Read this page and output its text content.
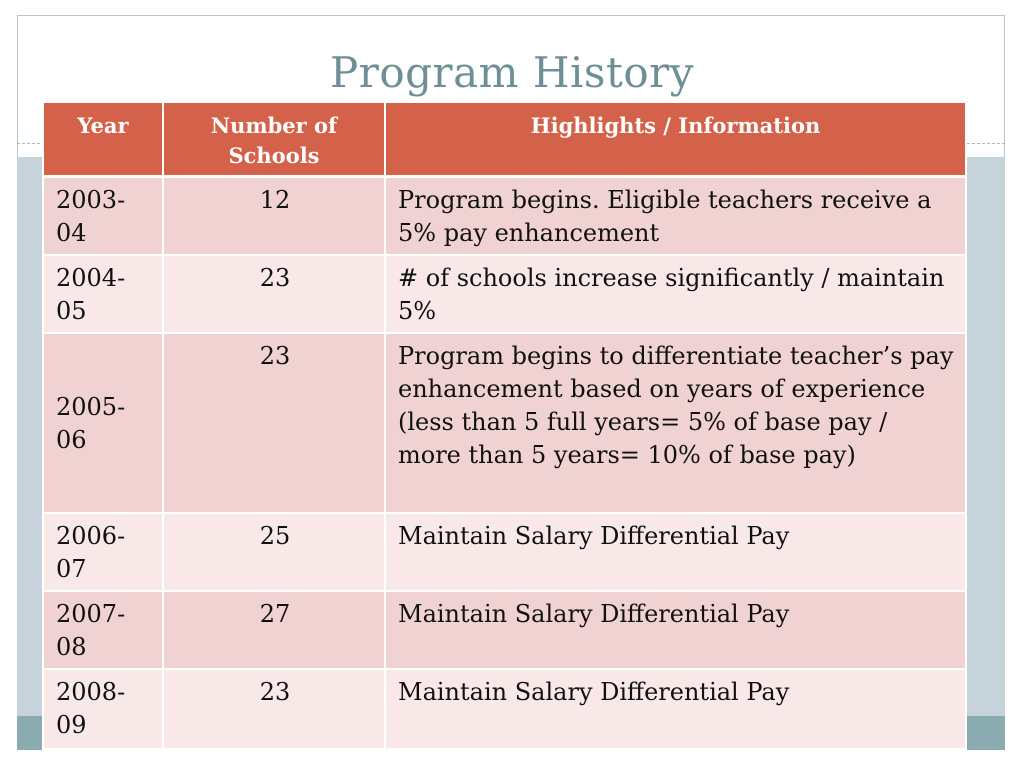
Program History
Year	Number of Schools	Highlights / Information
2003-04	12	Program begins. Eligible teachers receive a 5% pay enhancement
2004-05	23	# of schools increase significantly / maintain 5%
2005-06	23	Program begins to differentiate teacher’s pay enhancement based on years of experience (less than 5 full years= 5% of base pay / more than 5 years= 10% of base pay)
2006-07	25	Maintain Salary Differential Pay
2007-08	27	Maintain Salary Differential Pay
2008-09	23	Maintain Salary Differential Pay
